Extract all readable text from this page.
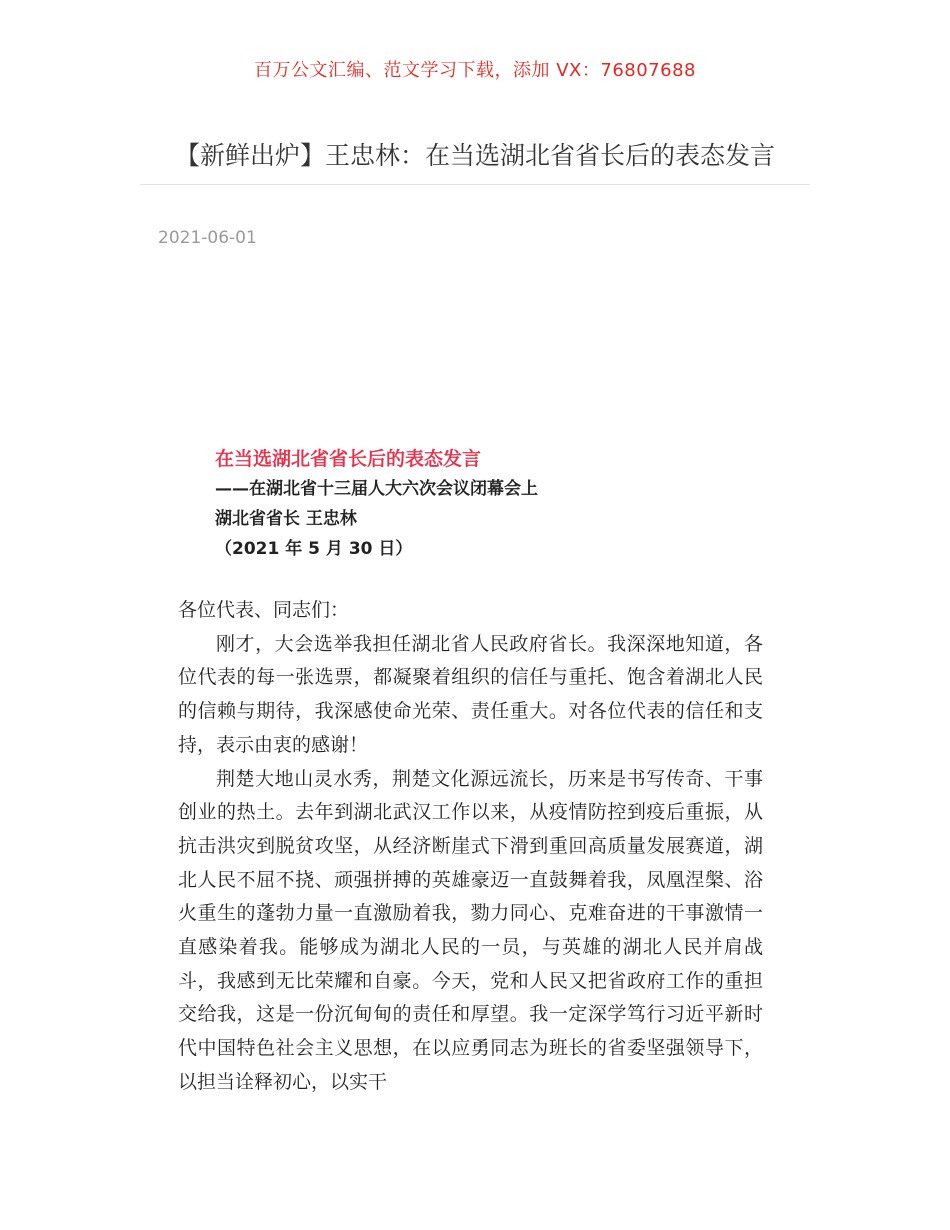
百万公文汇编、范文学习下载，添加 VX：76807688
【新鲜出炉】王忠林：在当选湖北省省长后的表态发言
2021-06-01
在当选湖北省省长后的表态发言
——在湖北省十三届人大六次会议闭幕会上
湖北省省长 王忠林
（2021 年 5 月 30 日）

各位代表、同志们：

刚才，大会选举我担任湖北省人民政府省长。我深深地知道，各位代表的每一张选票，都凝聚着组织的信任与重托、饱含着湖北人民的信赖与期待，我深感使命光荣、责任重大。对各位代表的信任和支持，表示由衷的感谢！

荆楚大地山灵水秀，荆楚文化源远流长，历来是书写传奇、干事创业的热土。去年到湖北武汉工作以来，从疫情防控到疫后重振，从抗击洪灾到脱贫攻坚，从经济断崖式下滑到重回高质量发展赛道，湖北人民不屈不挠、顽强拼搏的英雄豪迈一直鼓舞着我，凤凰涅槃、浴火重生的蓬勃力量一直激励着我，勠力同心、克难奋进的干事激情一直感染着我。能够成为湖北人民的一员，与英雄的湖北人民并肩战斗，我感到无比荣耀和自豪。今天，党和人民又把省政府工作的重担交给我，这是一份沉甸甸的责任和厚望。我一定深学笃行习近平新时代中国特色社会主义思想，在以应勇同志为班长的省委坚强领导下，以担当诠释初心，以实干
